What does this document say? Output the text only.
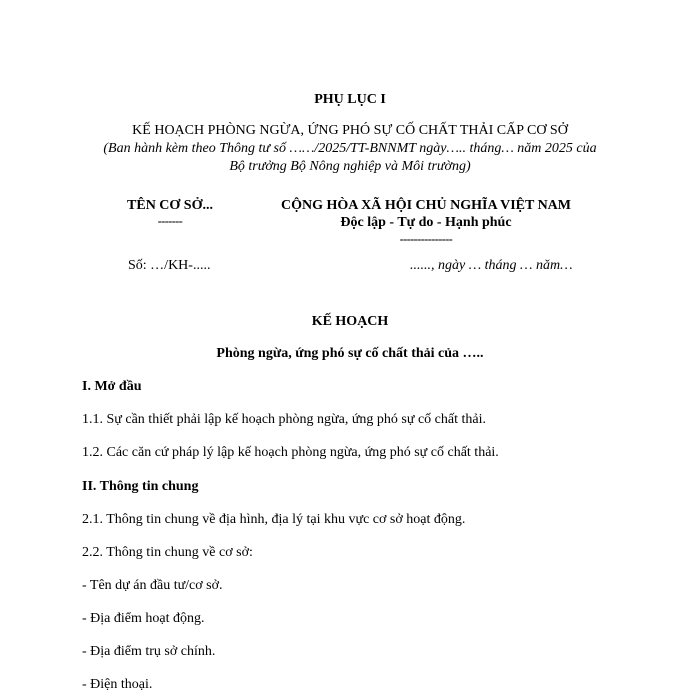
PHỤ LỤC I
KẾ HOẠCH PHÒNG NGỪA, ỨNG PHÓ SỰ CỐ CHẤT THẢI CẤP CƠ SỞ
(Ban hành kèm theo Thông tư số ……/2025/TT-BNNMT ngày….. tháng… năm 2025 của
Bộ trưởng Bộ Nông nghiệp và Môi trường)
TÊN CƠ SỞ...
-------
CỘNG HÒA XÃ HỘI CHỦ NGHĨA VIỆT NAM
Độc lập - Tự do - Hạnh phúc
---------------
Số: …/KH-.....	......, ngày … tháng … năm…
KẾ HOẠCH
Phòng ngừa, ứng phó sự cố chất thải của …..
I. Mở đầu
1.1. Sự cần thiết phải lập kế hoạch phòng ngừa, ứng phó sự cố chất thải.
1.2. Các căn cứ pháp lý lập kế hoạch phòng ngừa, ứng phó sự cố chất thải.
II. Thông tin chung
2.1. Thông tin chung về địa hình, địa lý tại khu vực cơ sở hoạt động.
2.2. Thông tin chung về cơ sở:
- Tên dự án đầu tư/cơ sở.
- Địa điểm hoạt động.
- Địa điểm trụ sở chính.
- Điện thoại.
